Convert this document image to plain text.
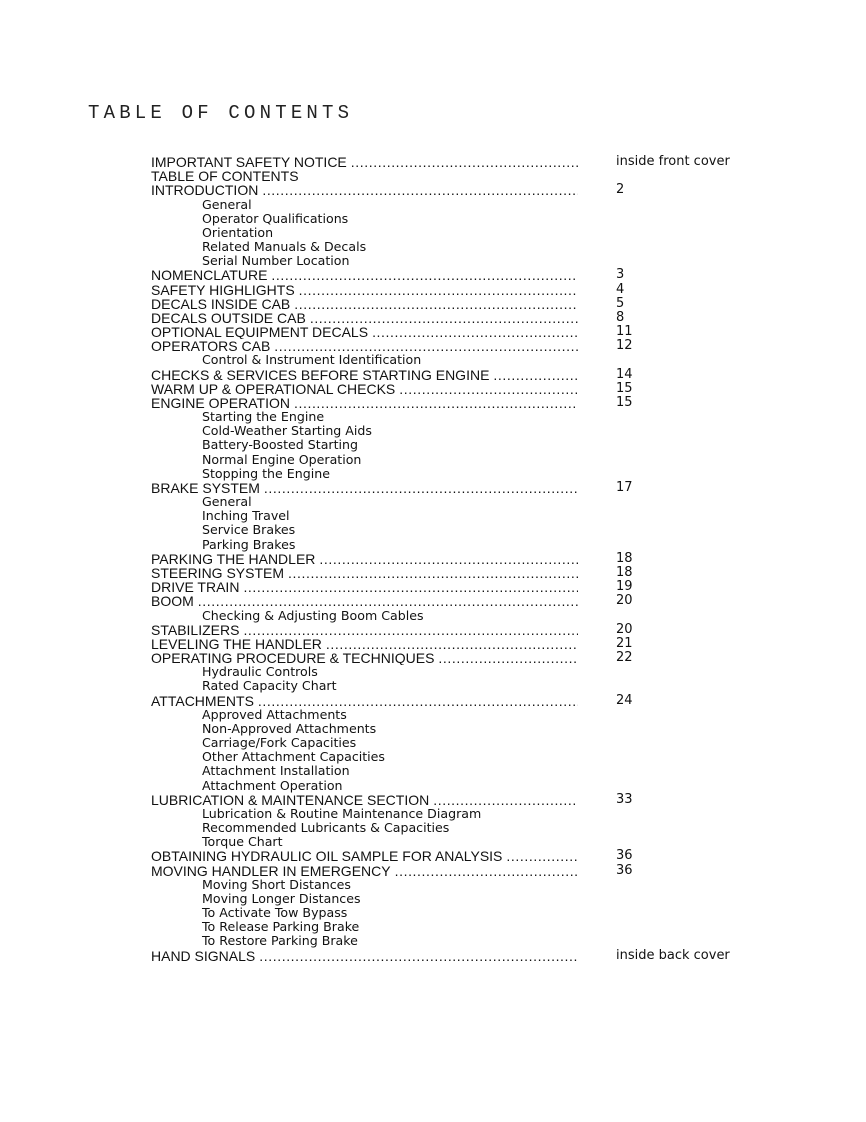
TABLE OF CONTENTS
IMPORTANT SAFETY NOTICE .....	inside front cover
TABLE OF CONTENTS
INTRODUCTION .....	2
General
Operator Qualifications
Orientation
Related Manuals & Decals
Serial Number Location
NOMENCLATURE .....	3
SAFETY HIGHLIGHTS .....	4
DECALS INSIDE CAB .....	5
DECALS OUTSIDE CAB .....	8
OPTIONAL EQUIPMENT DECALS .....	11
OPERATORS CAB .....	12
Control & Instrument Identification
CHECKS & SERVICES BEFORE STARTING ENGINE .....	14
WARM UP & OPERATIONAL CHECKS .....	15
ENGINE OPERATION .....	15
Starting the Engine
Cold-Weather Starting Aids
Battery-Boosted Starting
Normal Engine Operation
Stopping the Engine
BRAKE SYSTEM .....	17
General
Inching Travel
Service Brakes
Parking Brakes
PARKING THE HANDLER .....	18
STEERING SYSTEM .....	18
DRIVE TRAIN .....	19
BOOM .....	20
Checking & Adjusting Boom Cables
STABILIZERS .....	20
LEVELING THE HANDLER .....	21
OPERATING PROCEDURE & TECHNIQUES .....	22
Hydraulic Controls
Rated Capacity Chart
ATTACHMENTS .....	24
Approved Attachments
Non-Approved Attachments
Carriage/Fork Capacities
Other Attachment Capacities
Attachment Installation
Attachment Operation
LUBRICATION & MAINTENANCE SECTION .....	33
Lubrication & Routine Maintenance Diagram
Recommended Lubricants & Capacities
Torque Chart
OBTAINING HYDRAULIC OIL SAMPLE FOR ANALYSIS .....	36
MOVING HANDLER IN EMERGENCY .....	36
Moving Short Distances
Moving Longer Distances
To Activate Tow Bypass
To Release Parking Brake
To Restore Parking Brake
HAND SIGNALS .....	inside back cover
